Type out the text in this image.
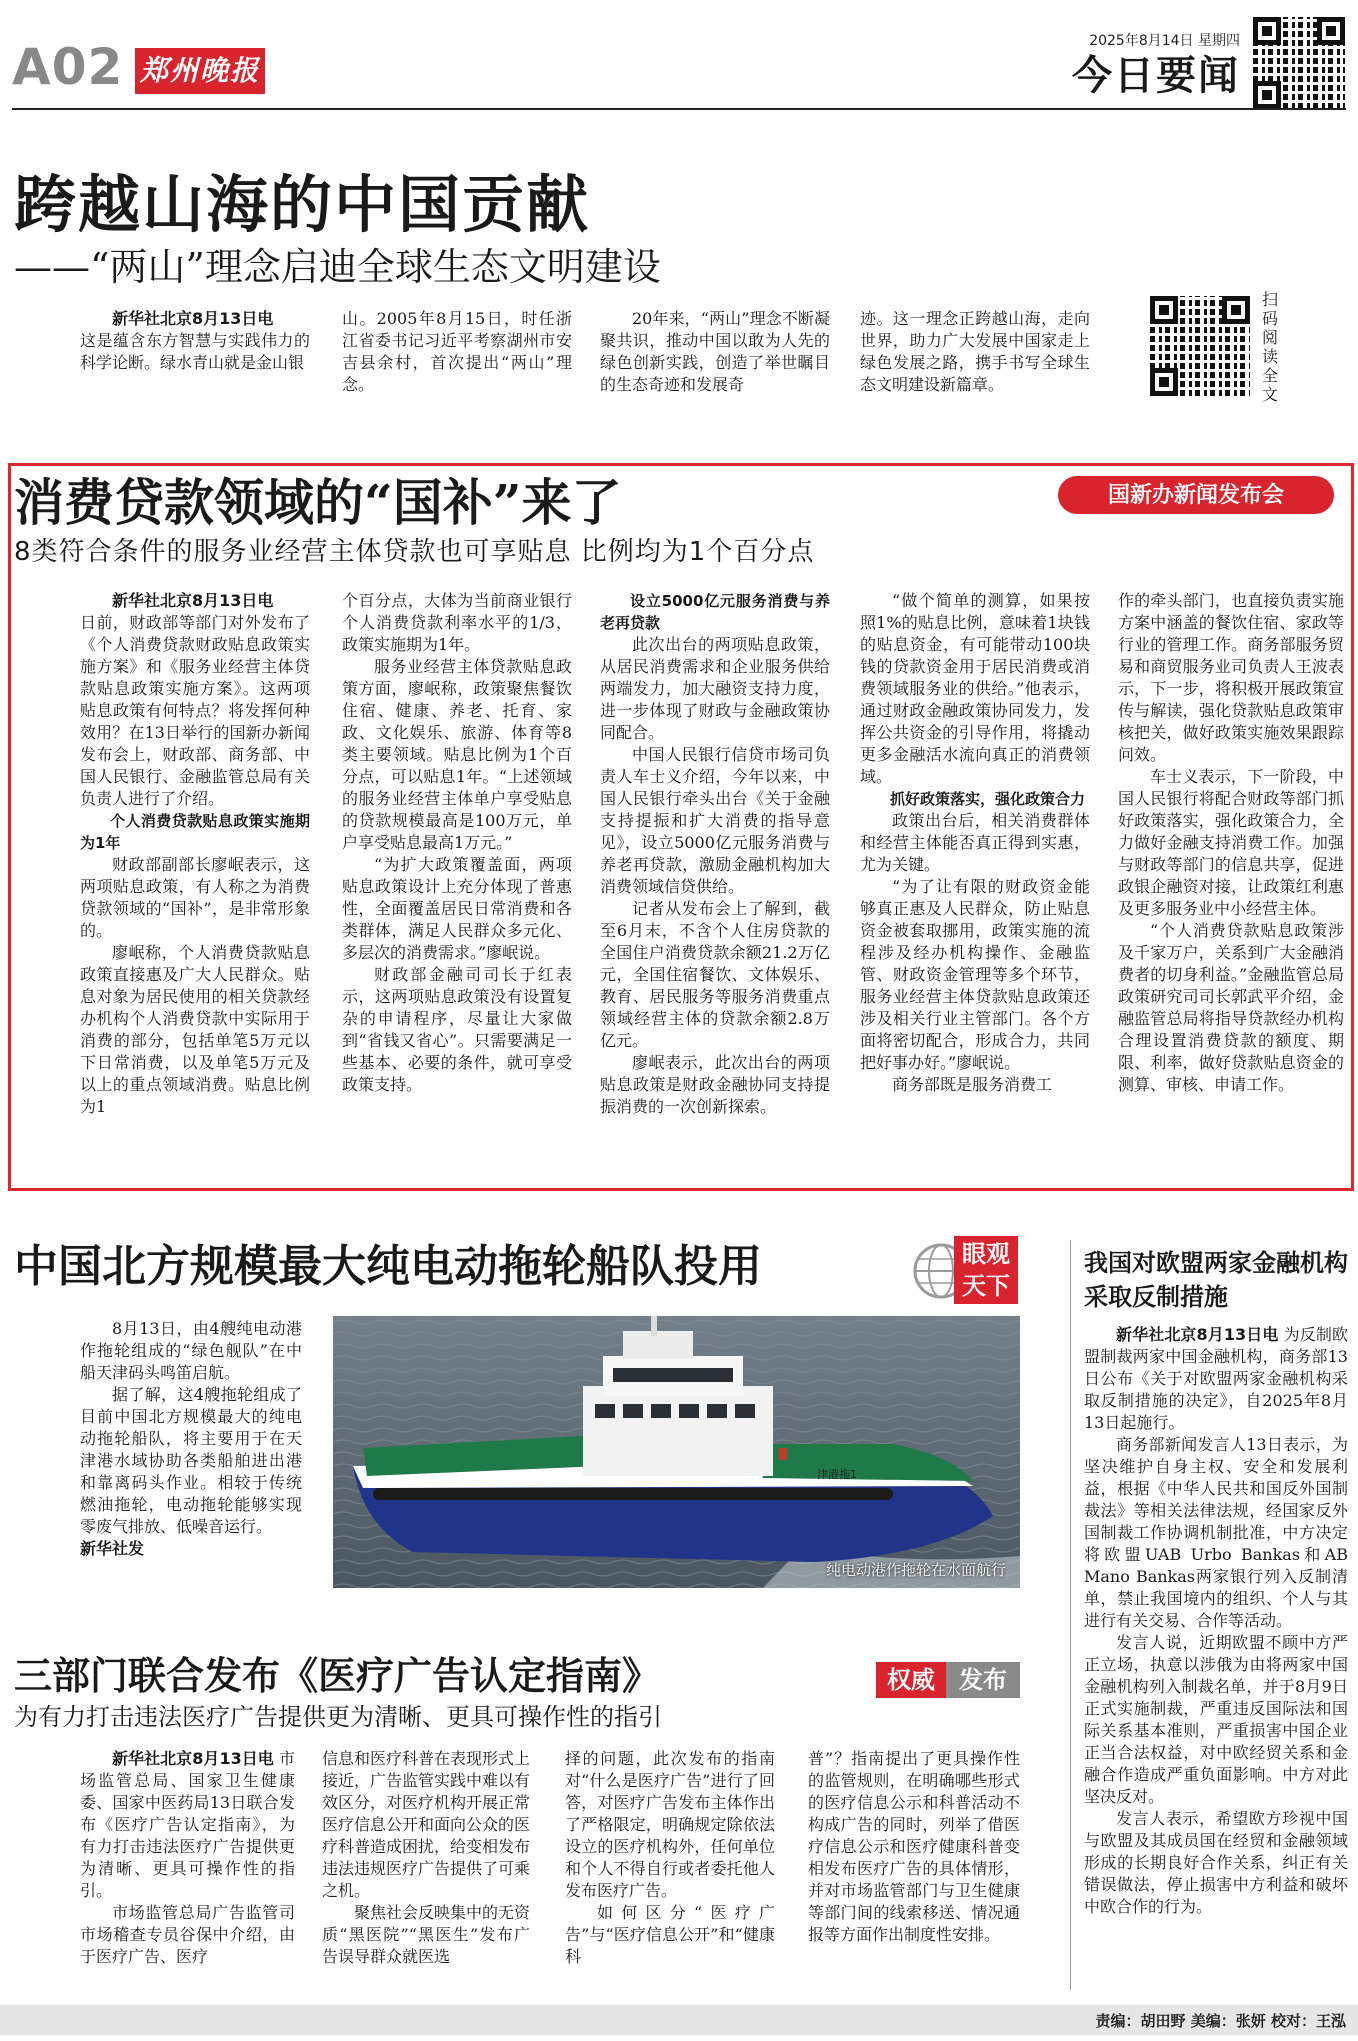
A02 郑州晚报
2025年8月14日 星期四
今日要闻
跨越山海的中国贡献
——“两山”理念启迪全球生态文明建设

新华社北京8月13日电

这是蕴含东方智慧与实践伟力的科学论断。绿水青山就是金山银

山。2005年8月15日，时任浙江省委书记习近平考察湖州市安吉县余村，首次提出“两山”理念。

20年来，“两山”理念不断凝聚共识，推动中国以敢为人先的绿色创新实践，创造了举世瞩目的生态奇迹和发展奇

迹。这一理念正跨越山海，走向世界，助力广大发展中国家走上绿色发展之路，携手书写全球生态文明建设新篇章。

扫码阅读全文
消费贷款领域的“国补”来了	国新办新闻发布会
8类符合条件的服务业经营主体贷款也可享贴息 比例均为1个百分点

新华社北京8月13日电

日前，财政部等部门对外发布了《个人消费贷款财政贴息政策实施方案》和《服务业经营主体贷款贴息政策实施方案》。这两项贴息政策有何特点？将发挥何种效用？在13日举行的国新办新闻发布会上，财政部、商务部、中国人民银行、金融监管总局有关负责人进行了介绍。

个人消费贷款贴息政策实施期为1年

财政部副部长廖岷表示，这两项贴息政策，有人称之为消费贷款领域的“国补”，是非常形象的。

廖岷称，个人消费贷款贴息政策直接惠及广大人民群众。贴息对象为居民使用的相关贷款经办机构个人消费贷款中实际用于消费的部分，包括单笔5万元以下日常消费，以及单笔5万元及以上的重点领域消费。贴息比例为1

个百分点，大体为当前商业银行个人消费贷款利率水平的1/3，政策实施期为1年。

服务业经营主体贷款贴息政策方面，廖岷称，政策聚焦餐饮住宿、健康、养老、托育、家政、文化娱乐、旅游、体育等8类主要领域。贴息比例为1个百分点，可以贴息1年。“上述领域的服务业经营主体单户享受贴息的贷款规模最高是100万元，单户享受贴息最高1万元。”

“为扩大政策覆盖面，两项贴息政策设计上充分体现了普惠性，全面覆盖居民日常消费和各类群体，满足人民群众多元化、多层次的消费需求。”廖岷说。

财政部金融司司长于红表示，这两项贴息政策没有设置复杂的申请程序，尽量让大家做到“省钱又省心”。只需要满足一些基本、必要的条件，就可享受政策支持。

设立5000亿元服务消费与养老再贷款

此次出台的两项贴息政策，从居民消费需求和企业服务供给两端发力，加大融资支持力度，进一步体现了财政与金融政策协同配合。

中国人民银行信贷市场司负责人车士义介绍，今年以来，中国人民银行牵头出台《关于金融支持提振和扩大消费的指导意见》，设立5000亿元服务消费与养老再贷款，激励金融机构加大消费领域信贷供给。

记者从发布会上了解到，截至6月末，不含个人住房贷款的全国住户消费贷款余额21.2万亿元，全国住宿餐饮、文体娱乐、教育、居民服务等服务消费重点领域经营主体的贷款余额2.8万亿元。

廖岷表示，此次出台的两项贴息政策是财政金融协同支持提振消费的一次创新探索。

“做个简单的测算，如果按照1%的贴息比例，意味着1块钱的贴息资金，有可能带动100块钱的贷款资金用于居民消费或消费领域服务业的供给。”他表示，通过财政金融政策协同发力，发挥公共资金的引导作用，将撬动更多金融活水流向真正的消费领域。

抓好政策落实，强化政策合力

政策出台后，相关消费群体和经营主体能否真正得到实惠，尤为关键。

“为了让有限的财政资金能够真正惠及人民群众，防止贴息资金被套取挪用，政策实施的流程涉及经办机构操作、金融监管、财政资金管理等多个环节，服务业经营主体贷款贴息政策还涉及相关行业主管部门。各个方面将密切配合，形成合力，共同把好事办好。”廖岷说。

商务部既是服务消费工

作的牵头部门，也直接负责实施方案中涵盖的餐饮住宿、家政等行业的管理工作。商务部服务贸易和商贸服务业司负责人王波表示，下一步，将积极开展政策宣传与解读，强化贷款贴息政策审核把关，做好政策实施效果跟踪问效。

车士义表示，下一阶段，中国人民银行将配合财政等部门抓好政策落实，强化政策合力，全力做好金融支持消费工作。加强与财政等部门的信息共享，促进政银企融资对接，让政策红利惠及更多服务业中小经营主体。

“个人消费贷款贴息政策涉及千家万户，关系到广大金融消费者的切身利益。”金融监管总局政策研究司司长郭武平介绍，金融监管总局将指导贷款经办机构合理设置消费贷款的额度、期限、利率，做好贷款贴息资金的测算、审核、申请工作。

中国北方规模最大纯电动拖轮船队投用	眼观
天下

8月13日，由4艘纯电动港作拖轮组成的“绿色舰队”在中船天津码头鸣笛启航。

据了解，这4艘拖轮组成了目前中国北方规模最大的纯电动拖轮船队，将主要用于在天津港水域协助各类船舶进出港和靠离码头作业。相较于传统燃油拖轮，电动拖轮能够实现零废气排放、低噪音运行。

新华社发

津港拖1
纯电动港作拖轮在水面航行
我国对欧盟两家金融机构采取反制措施

新华社北京8月13日电 为反制欧盟制裁两家中国金融机构，商务部13日公布《关于对欧盟两家金融机构采取反制措施的决定》，自2025年8月13日起施行。

商务部新闻发言人13日表示，为坚决维护自身主权、安全和发展利益，根据《中华人民共和国反外国制裁法》等相关法律法规，经国家反外国制裁工作协调机制批准，中方决定将欧盟UAB Urbo Bankas和AB Mano Bankas两家银行列入反制清单，禁止我国境内的组织、个人与其进行有关交易、合作等活动。

发言人说，近期欧盟不顾中方严正立场，执意以涉俄为由将两家中国金融机构列入制裁名单，并于8月9日正式实施制裁，严重违反国际法和国际关系基本准则，严重损害中国企业正当合法权益，对中欧经贸关系和金融合作造成严重负面影响。中方对此坚决反对。

发言人表示，希望欧方珍视中国与欧盟及其成员国在经贸和金融领域形成的长期良好合作关系，纠正有关错误做法，停止损害中方利益和破坏中欧合作的行为。

三部门联合发布《医疗广告认定指南》
为有力打击违法医疗广告提供更为清晰、更具可操作性的指引
权威 发布

新华社北京8月13日电 市场监管总局、国家卫生健康委、国家中医药局13日联合发布《医疗广告认定指南》，为有力打击违法医疗广告提供更为清晰、更具可操作性的指引。

市场监管总局广告监管司市场稽查专员谷保中介绍，由于医疗广告、医疗

信息和医疗科普在表现形式上接近，广告监管实践中难以有效区分，对医疗机构开展正常医疗信息公开和面向公众的医疗科普造成困扰，给变相发布违法违规医疗广告提供了可乘之机。

聚焦社会反映集中的无资质“黑医院”“黑医生”发布广告误导群众就医选

择的问题，此次发布的指南对“什么是医疗广告”进行了回答，对医疗广告发布主体作出了严格限定，明确规定除依法设立的医疗机构外，任何单位和个人不得自行或者委托他人发布医疗广告。

如何区分“医疗广告”与“医疗信息公开”和“健康科

普”？指南提出了更具操作性的监管规则，在明确哪些形式的医疗信息公示和科普活动不构成广告的同时，列举了借医疗信息公示和医疗健康科普变相发布医疗广告的具体情形，并对市场监管部门与卫生健康等部门间的线索移送、情况通报等方面作出制度性安排。

责编：胡田野 美编：张妍 校对：王泓
